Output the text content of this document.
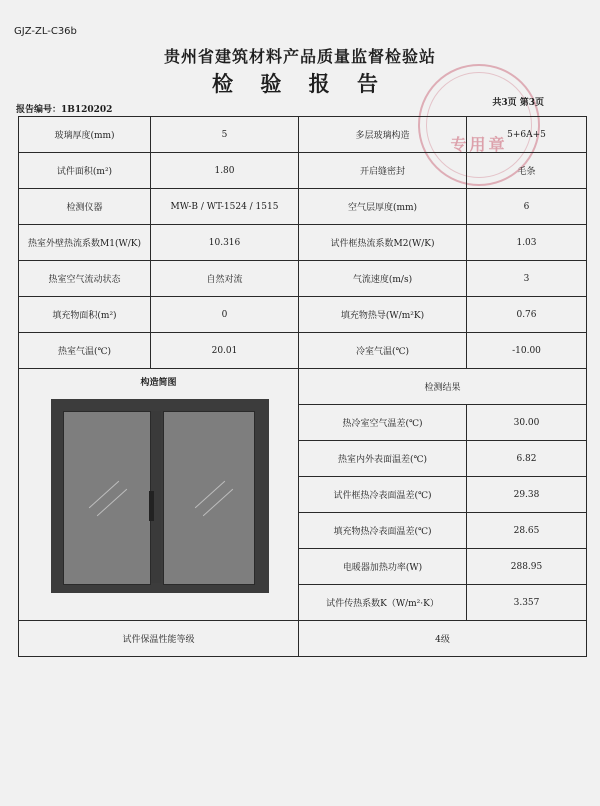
GJZ-ZL-C36b
贵州省建筑材料产品质量监督检验站
检 验 报 告
专用章
报告编号：1B120202
共3页 第3页
玻璃厚度(mm)	5	多层玻璃构造	5+6A+5
试件面积(m²)	1.80	开启缝密封	毛条
检测仪器	MW-B / WT-1524 / 1515	空气层厚度(mm)	6
热室外壁热流系数M1(W/K)	10.316	试件框热流系数M2(W/K)	1.03
热室空气流动状态	自然对流	气流速度(m/s)	3
填充物面积(m²)	0	填充物热导(W/m²K)	0.76
热室气温(℃)	20.01	冷室气温(℃)	-10.00

构造简图		检测结果	
		热冷室空气温差(℃)	30.00
		热室内外表面温差(℃)	6.82
		试件框热冷表面温差(℃)	29.38
		填充物热冷表面温差(℃)	28.65
		电暖器加热功率(W)	288.95
		试件传热系数K（W/m²·K）	3.357
试件保温性能等级		4级	
